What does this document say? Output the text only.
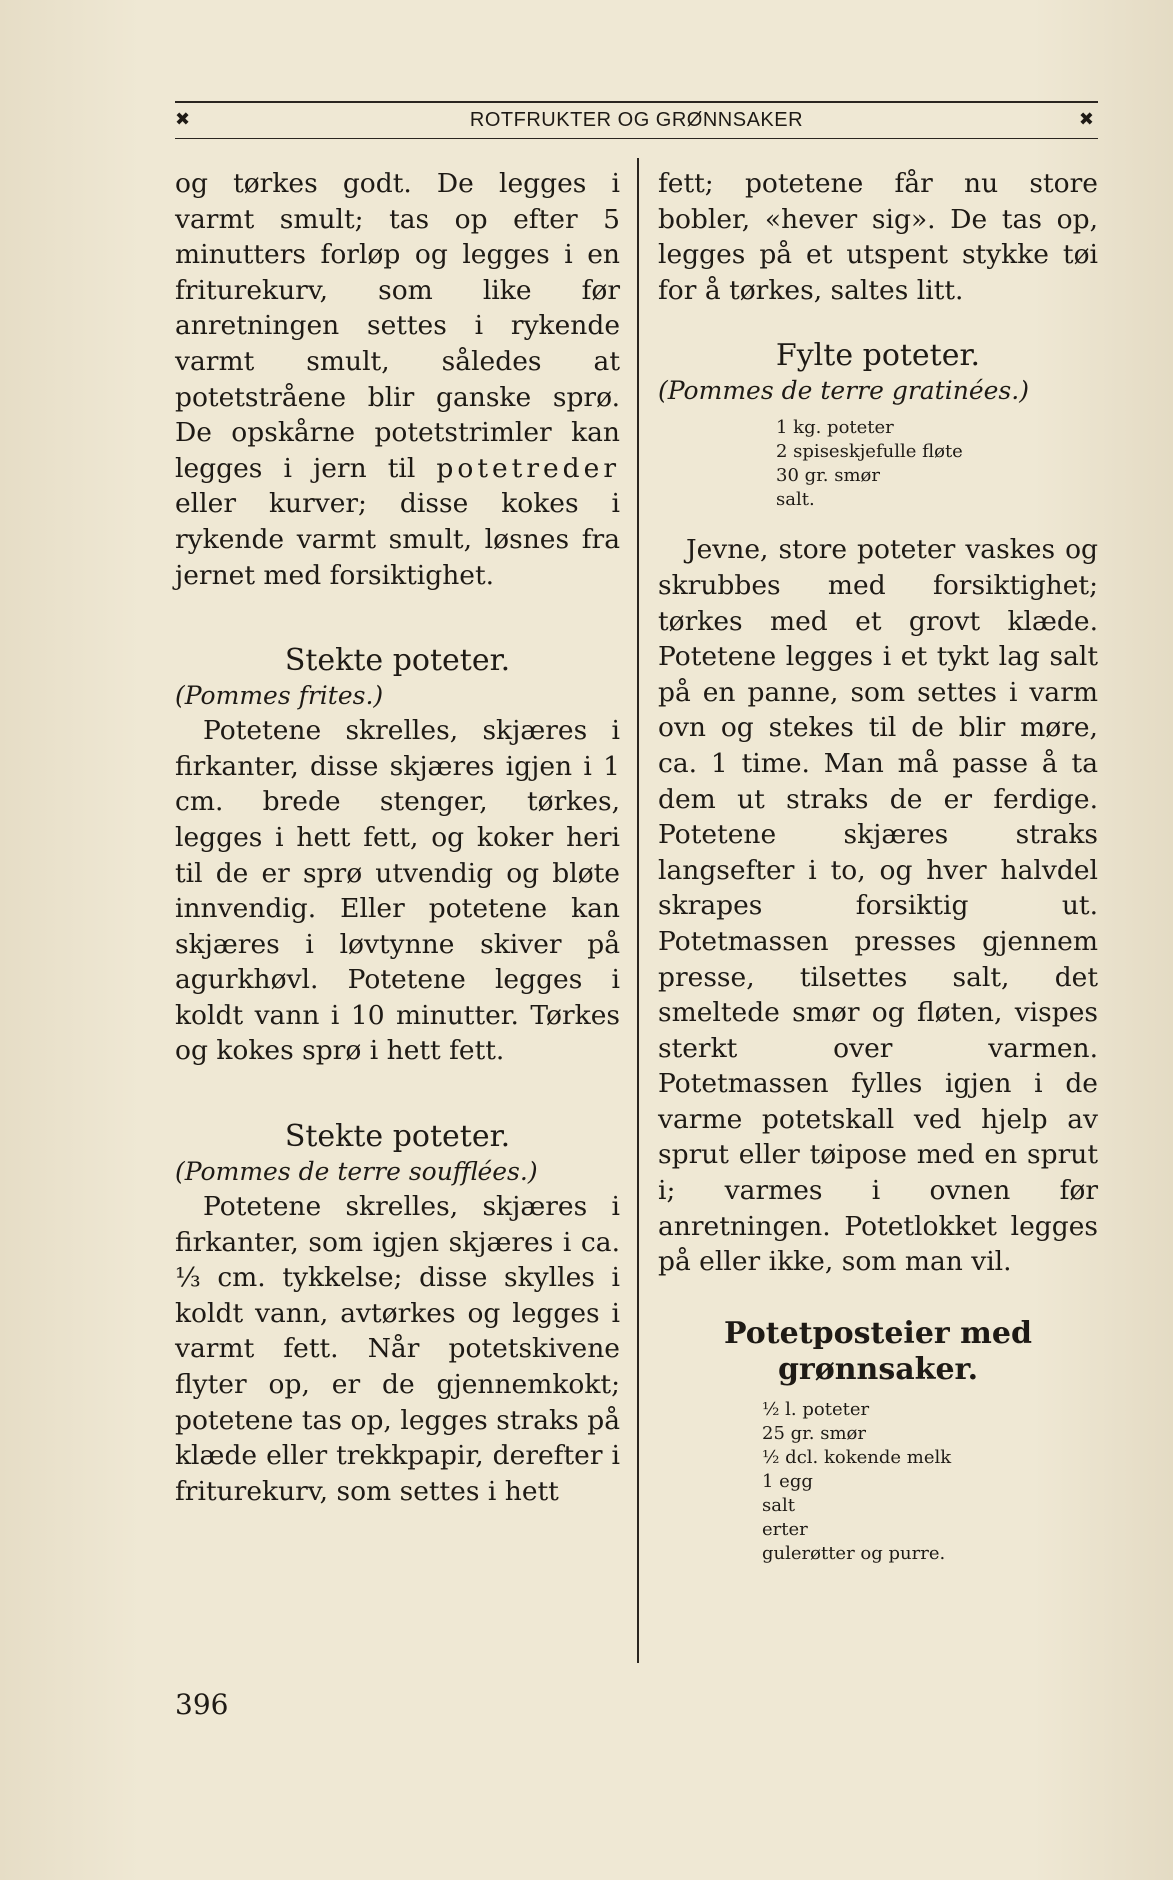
✖	ROTFRUKTER OG GRØNNSAKER	✖

og tørkes godt. De legges i varmt smult; tas op efter 5 minutters forløp og legges i en friturekurv, som like før anretningen settes i rykende varmt smult, således at potetstråene blir ganske sprø. De opskårne potetstrimler kan legges i jern til potetreder eller kurver; disse kokes i rykende varmt smult, løsnes fra jernet med forsiktighet.

Stekte poteter.

(Pommes frites.)

Potetene skrelles, skjæres i firkanter, disse skjæres igjen i 1 cm. brede stenger, tørkes, legges i hett fett, og koker heri til de er sprø utvendig og bløte innvendig. Eller potetene kan skjæres i løvtynne skiver på agurkhøvl. Potetene legges i koldt vann i 10 minutter. Tørkes og kokes sprø i hett fett.

Stekte poteter.

(Pommes de terre soufflées.)

Potetene skrelles, skjæres i firkanter, som igjen skjæres i ca. ⅓ cm. tykkelse; disse skylles i koldt vann, avtørkes og legges i varmt fett. Når potetskivene flyter op, er de gjennemkokt; potetene tas op, legges straks på klæde eller trekkpapir, derefter i friturekurv, som settes i hett

fett; potetene får nu store bobler, «hever sig». De tas op, legges på et utspent stykke tøi for å tørkes, saltes litt.

Fylte poteter.

(Pommes de terre gratinées.)

1 kg. poteter
2 spiseskjefulle fløte
30 gr. smør
salt.

Jevne, store poteter vaskes og skrubbes med forsiktighet; tørkes med et grovt klæde. Potetene legges i et tykt lag salt på en panne, som settes i varm ovn og stekes til de blir møre, ca. 1 time. Man må passe å ta dem ut straks de er ferdige. Potetene skjæres straks langsefter i to, og hver halvdel skrapes forsiktig ut. Potetmassen presses gjennem presse, tilsettes salt, det smeltede smør og fløten, vispes sterkt over varmen. Potetmassen fylles igjen i de varme potetskall ved hjelp av sprut eller tøipose med en sprut i; varmes i ovnen før anretningen. Potetlokket legges på eller ikke, som man vil.

Potetposteier med grønnsaker.
½ l. poteter
25 gr. smør
½ dcl. kokende melk
1 egg
salt
erter
gulerøtter og purre.
396
